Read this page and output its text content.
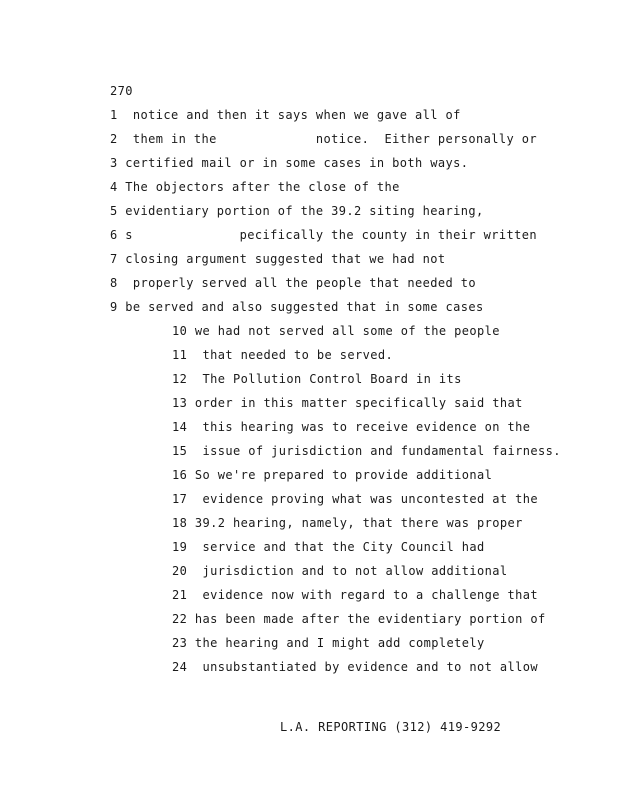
270
1  notice and then it says when we gave all of
2  them in the             notice.  Either personally or
3 certified mail or in some cases in both ways.
4 The objectors after the close of the
5 evidentiary portion of the 39.2 siting hearing,
6 s              pecifically the county in their written
7 closing argument suggested that we had not
8  properly served all the people that needed to
9 be served and also suggested that in some cases
10 we had not served all some of the people
11  that needed to be served.
12  The Pollution Control Board in its
13 order in this matter specifically said that
14  this hearing was to receive evidence on the
15  issue of jurisdiction and fundamental fairness.
16 So we're prepared to provide additional
17  evidence proving what was uncontested at the
18 39.2 hearing, namely, that there was proper
19  service and that the City Council had
20  jurisdiction and to not allow additional
21  evidence now with regard to a challenge that
22 has been made after the evidentiary portion of
23 the hearing and I might add completely
24  unsubstantiated by evidence and to not allow
L.A. REPORTING (312) 419-9292
